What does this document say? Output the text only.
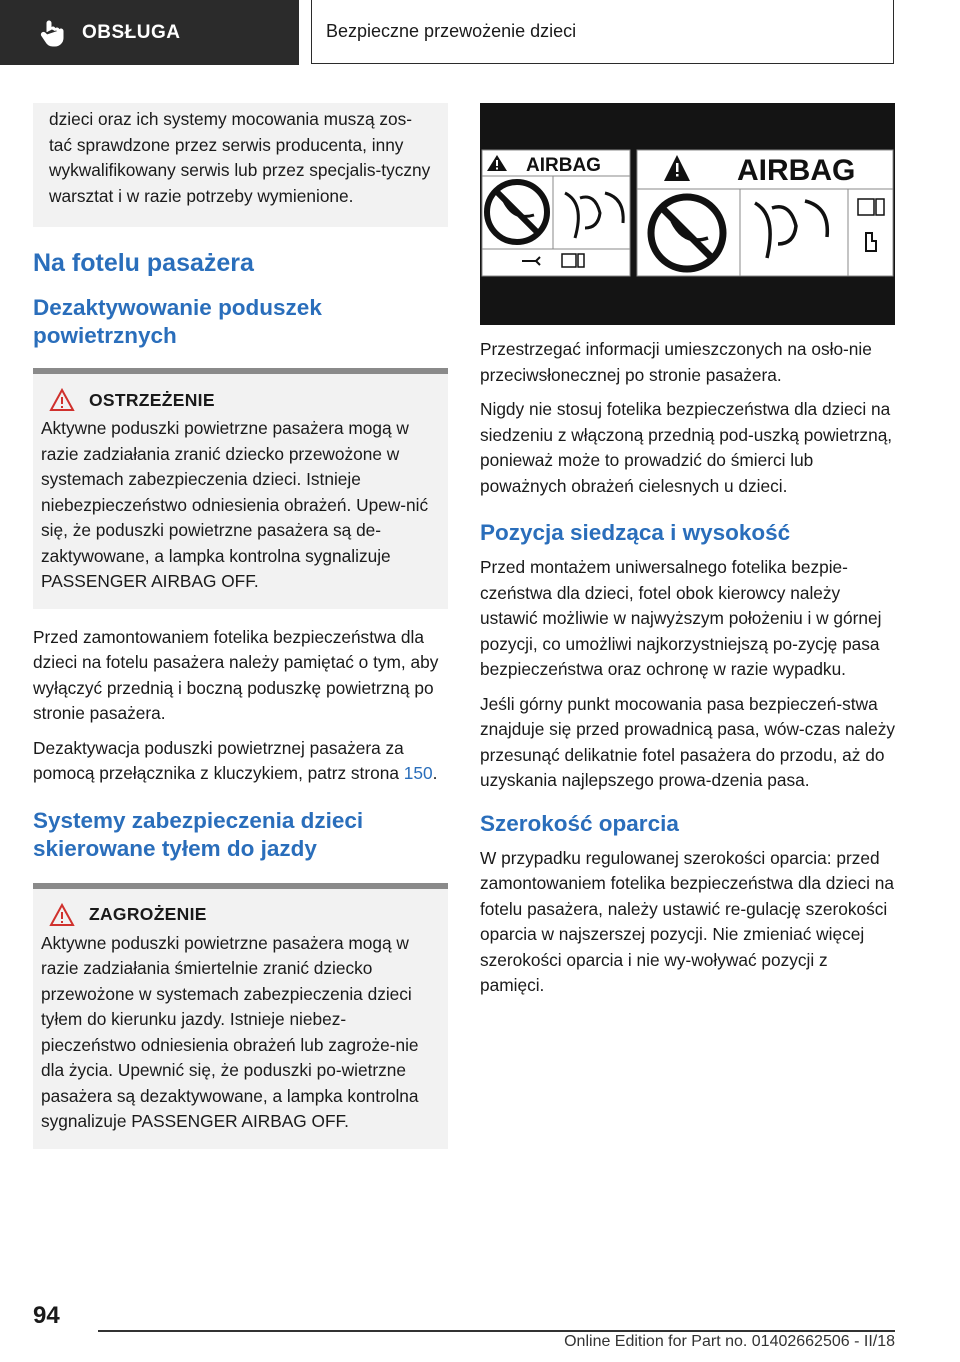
OBSŁUGA	Bezpieczne przewożenie dzieci

dzieci oraz ich systemy mocowania muszą zos-tać sprawdzone przez serwis producenta, inny wykwalifikowany serwis lub przez specjalis-tyczny warsztat i w razie potrzeby wymienione.

Na fotelu pasażera
Dezaktywowanie poduszek powietrznych
OSTRZEŻENIE

Aktywne poduszki powietrzne pasażera mogą w razie zadziałania zranić dziecko przewożone w systemach zabezpieczenia dzieci. Istnieje niebezpieczeństwo odniesienia obrażeń. Upew-nić się, że poduszki powietrzne pasażera są de-zaktywowane, a lampka kontrolna sygnalizuje PASSENGER AIRBAG OFF.

Przed zamontowaniem fotelika bezpieczeństwa dla dzieci na fotelu pasażera należy pamiętać o tym, aby wyłączyć przednią i boczną poduszkę powietrzną po stronie pasażera.

Dezaktywacja poduszki powietrznej pasażera za pomocą przełącznika z kluczykiem, patrz strona 150.

Systemy zabezpieczenia dzieci skierowane tyłem do jazdy
ZAGROŻENIE

Aktywne poduszki powietrzne pasażera mogą w razie zadziałania śmiertelnie zranić dziecko przewożone w systemach zabezpieczenia dzieci tyłem do kierunku jazdy. Istnieje niebez-pieczeństwo odniesienia obrażeń lub zagroże-nie dla życia. Upewnić się, że poduszki po-wietrzne pasażera są dezaktywowane, a lampka kontrolna sygnalizuje PASSENGER AIRBAG OFF.

AIRBAG	AIRBAG

Przestrzegać informacji umieszczonych na osło-nie przeciwsłonecznej po stronie pasażera.

Nigdy nie stosuj fotelika bezpieczeństwa dla dzieci na siedzeniu z włączoną przednią pod-uszką powietrzną, ponieważ może to prowadzić do śmierci lub poważnych obrażeń cielesnych u dzieci.

Pozycja siedząca i wysokość

Przed montażem uniwersalnego fotelika bezpie-czeństwa dla dzieci, fotel obok kierowcy należy ustawić możliwie w najwyższym położeniu i w górnej pozycji, co umożliwi najkorzystniejszą po-zycję pasa bezpieczeństwa oraz ochronę w razie wypadku.

Jeśli górny punkt mocowania pasa bezpieczeń-stwa znajduje się przed prowadnicą pasa, wów-czas należy przesunąć delikatnie fotel pasażera do przodu, aż do uzyskania najlepszego prowa-dzenia pasa.

Szerokość oparcia

W przypadku regulowanej szerokości oparcia: przed zamontowaniem fotelika bezpieczeństwa dla dzieci na fotelu pasażera, należy ustawić re-gulację szerokości oparcia w najszerszej pozycji. Nie zmieniać więcej szerokości oparcia i nie wy-woływać pozycji z pamięci.

94
Online Edition for Part no. 01402662506 - II/18
